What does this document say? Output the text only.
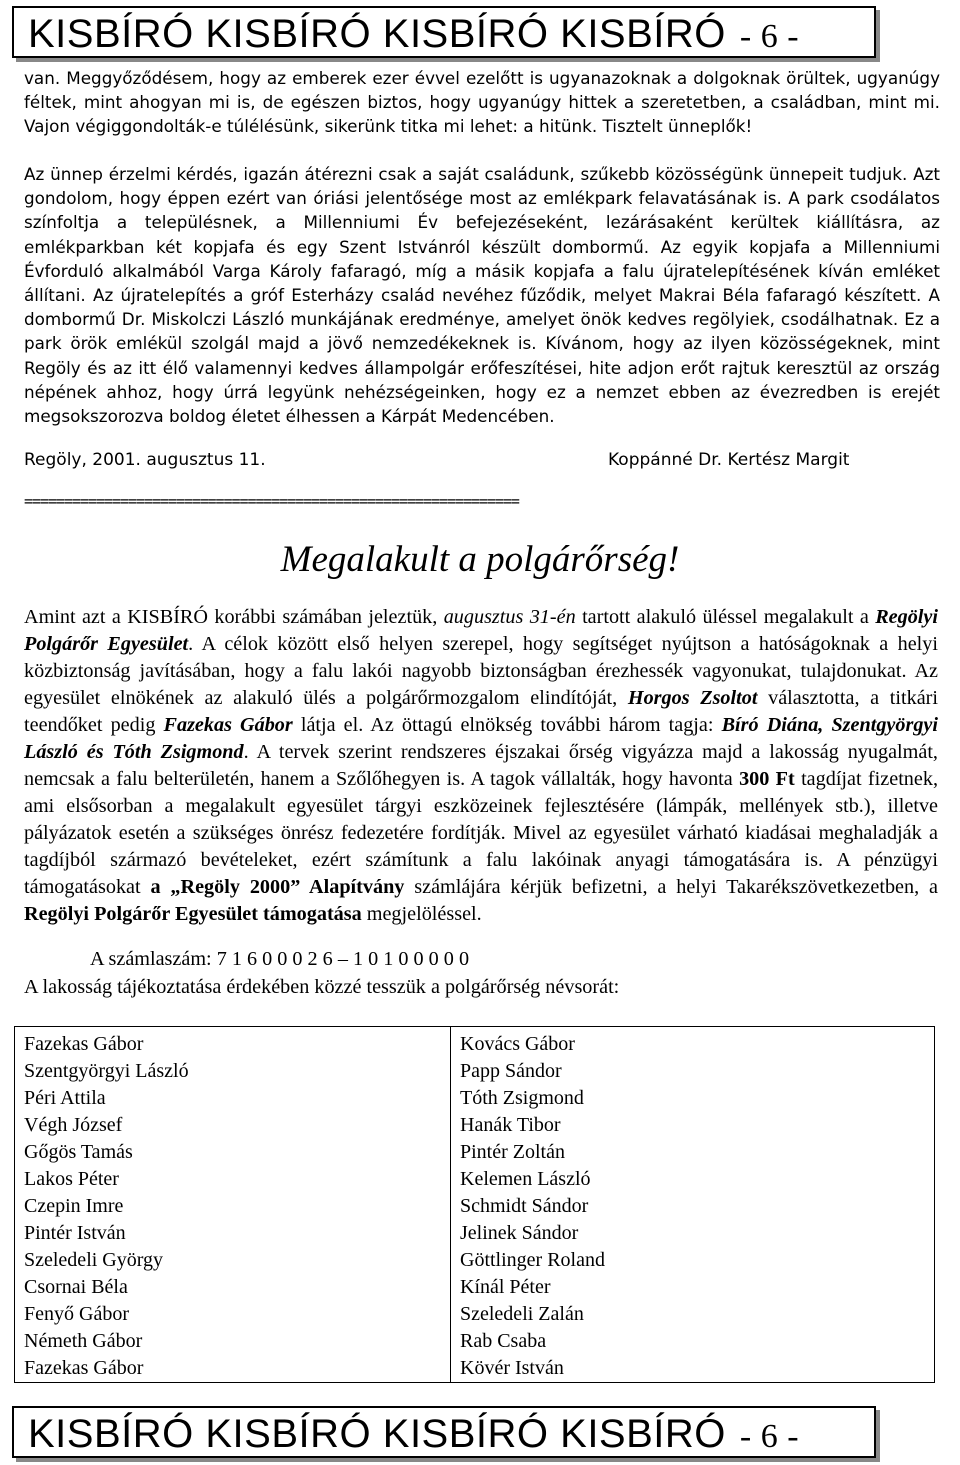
KISBÍRÓ KISBÍRÓ KISBÍRÓ KISBÍRÓ - 6 -

van. Meggyőződésem, hogy az emberek ezer évvel ezelőtt is ugyanazoknak a dolgoknak örültek, ugyanúgy féltek, mint ahogyan mi is, de egészen biztos, hogy ugyanúgy hittek a szeretetben, a családban, mint mi. Vajon végiggondolták-e túlélésünk, sikerünk titka mi lehet: a hitünk. Tisztelt ünneplők!

Az ünnep érzelmi kérdés, igazán átérezni csak a saját családunk, szűkebb közösségünk ünnepeit tudjuk. Azt gondolom, hogy éppen ezért van óriási jelentősége most az emlékpark felavatásának is. A park csodálatos színfoltja a településnek, a Millenniumi Év befejezéseként, lezárásaként kerültek kiállításra, az emlékparkban két kopjafa és egy Szent Istvánról készült dombormű. Az egyik kopjafa a Millenniumi Évforduló alkalmából Varga Károly fafaragó, míg a másik kopjafa a falu újratelepítésének kíván emléket állítani. Az újratelepítés a gróf Esterházy család nevéhez fűződik, melyet Makrai Béla fafaragó készített. A dombormű Dr. Miskolczi László munkájának eredménye, amelyet önök kedves regölyiek, csodálhatnak. Ez a park örök emlékül szolgál majd a jövő nemzedékeknek is. Kívánom, hogy az ilyen közösségeknek, mint Regöly és az itt élő valamennyi kedves állampolgár erőfeszítései, hite adjon erőt rajtuk keresztül az ország népének ahhoz, hogy úrrá legyünk nehézségeinken, hogy ez a nemzet ebben az évezredben is erejét megsokszorozva boldog életet élhessen a Kárpát Medencében.

Regöly, 2001. augusztus 11.	Koppánné Dr. Kertész Margit
==============================================================
Megalakult a polgárőrség!

Amint azt a KISBÍRÓ korábbi számában jeleztük, augusztus 31-én tartott alakuló üléssel megalakult a Regölyi Polgárőr Egyesület. A célok között első helyen szerepel, hogy segítséget nyújtson a hatóságoknak a helyi közbiztonság javításában, hogy a falu lakói nagyobb biztonságban érezhessék vagyonukat, tulajdonukat. Az egyesület elnökének az alakuló ülés a polgárőrmozgalom elindítóját, Horgos Zsoltot választotta, a titkári teendőket pedig Fazekas Gábor látja el. Az öttagú elnökség további három tagja: Bíró Diána, Szentgyörgyi László és Tóth Zsigmond. A tervek szerint rendszeres éjszakai őrség vigyázza majd a lakosság nyugalmát, nemcsak a falu belterületén, hanem a Szőlőhegyen is. A tagok vállalták, hogy havonta 300 Ft tagdíjat fizetnek, ami elsősorban a megalakult egyesület tárgyi eszközeinek fejlesztésére (lámpák, mellények stb.), illetve pályázatok esetén a szükséges önrész fedezetére fordítják. Mivel az egyesület várható kiadásai meghaladják a tagdíjból származó bevételeket, ezért számítunk a falu lakóinak anyagi támogatására is. A pénzügyi támogatásokat a „Regöly 2000” Alapítvány számlájára kérjük befizetni, a helyi Takarékszövetkezetben, a Regölyi Polgárőr Egyesület támogatása megjelöléssel.

A számlaszám: 7 1 6 0 0 0 2 6 – 1 0 1 0 0 0 0 0
A lakosság tájékoztatása érdekében közzé tesszük a polgárőrség névsorát:
Fazekas Gábor
Szentgyörgyi László
Péri Attila
Végh József
Gőgös Tamás
Lakos Péter
Czepin Imre
Pintér István
Szeledeli György
Csornai Béla
Fenyő Gábor
Németh Gábor
Fazekas Gábor

Kovács Gábor
Papp Sándor
Tóth Zsigmond
Hanák Tibor
Pintér Zoltán
Kelemen László
Schmidt Sándor
Jelinek Sándor
Göttlinger Roland
Kínál Péter
Szeledeli Zalán
Rab Csaba
Kövér István
KISBÍRÓ KISBÍRÓ KISBÍRÓ KISBÍRÓ - 6 -
